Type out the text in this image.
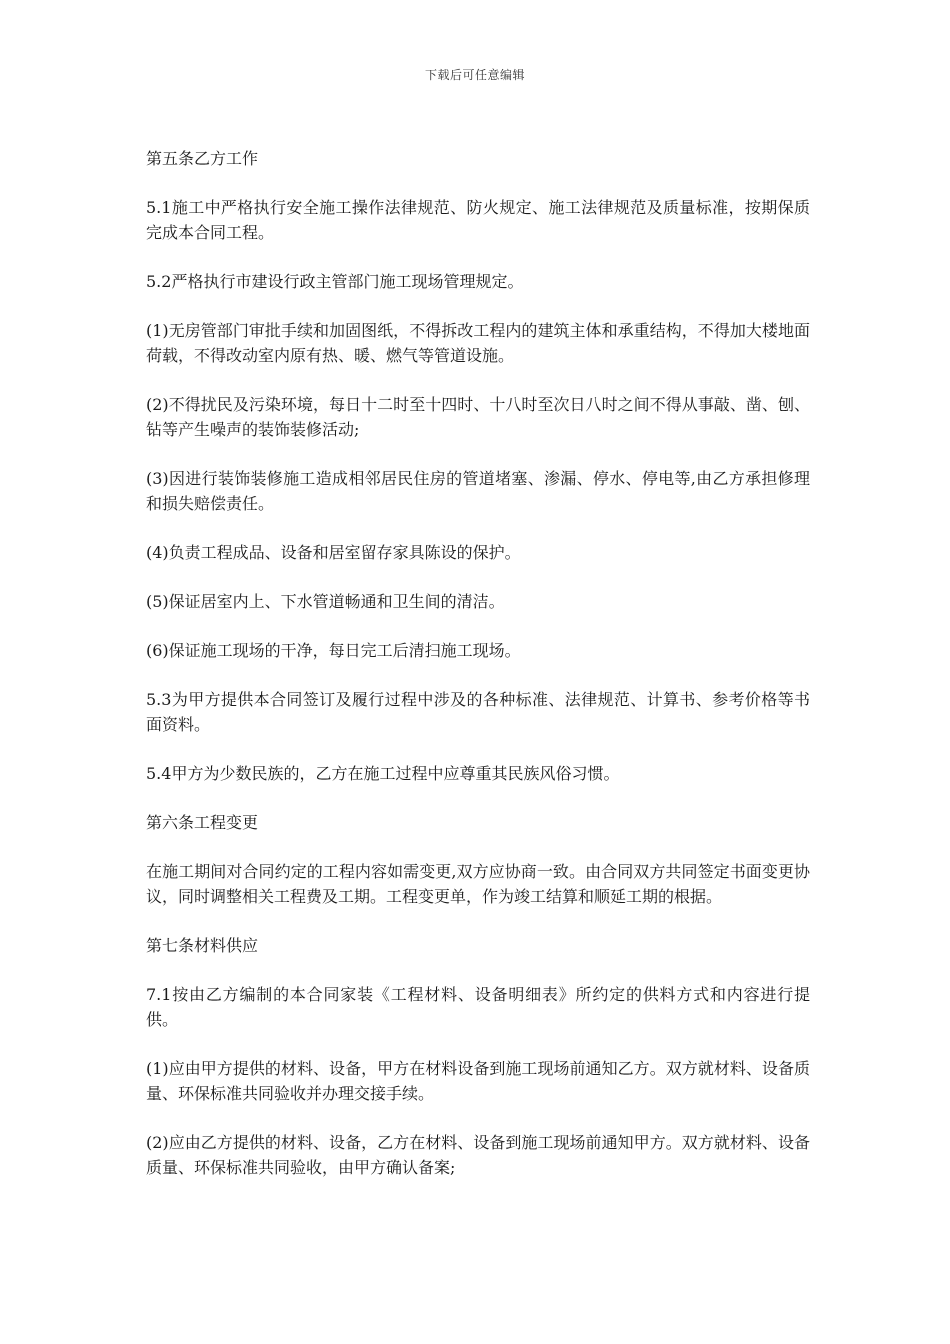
下载后可任意编辑

第五条乙方工作

5.1施工中严格执行安全施工操作法律规范、防火规定、施工法律规范及质量标准，按期保质完成本合同工程。

5.2严格执行市建设行政主管部门施工现场管理规定。

(1)无房管部门审批手续和加固图纸，不得拆改工程内的建筑主体和承重结构，不得加大楼地面荷载，不得改动室内原有热、暖、燃气等管道设施。

(2)不得扰民及污染环境，每日十二时至十四时、十八时至次日八时之间不得从事敲、凿、刨、钻等产生噪声的装饰装修活动;

(3)因进行装饰装修施工造成相邻居民住房的管道堵塞、渗漏、停水、停电等,由乙方承担修理和损失赔偿责任。

(4)负责工程成品、设备和居室留存家具陈设的保护。

(5)保证居室内上、下水管道畅通和卫生间的清洁。

(6)保证施工现场的干净，每日完工后清扫施工现场。

5.3为甲方提供本合同签订及履行过程中涉及的各种标准、法律规范、计算书、参考价格等书面资料。

5.4甲方为少数民族的，乙方在施工过程中应尊重其民族风俗习惯。

第六条工程变更

在施工期间对合同约定的工程内容如需变更,双方应协商一致。由合同双方共同签定书面变更协议，同时调整相关工程费及工期。工程变更单，作为竣工结算和顺延工期的根据。

第七条材料供应

7.1按由乙方编制的本合同家装《工程材料、设备明细表》所约定的供料方式和内容进行提供。

(1)应由甲方提供的材料、设备，甲方在材料设备到施工现场前通知乙方。双方就材料、设备质量、环保标准共同验收并办理交接手续。

(2)应由乙方提供的材料、设备，乙方在材料、设备到施工现场前通知甲方。双方就材料、设备质量、环保标准共同验收，由甲方确认备案;
